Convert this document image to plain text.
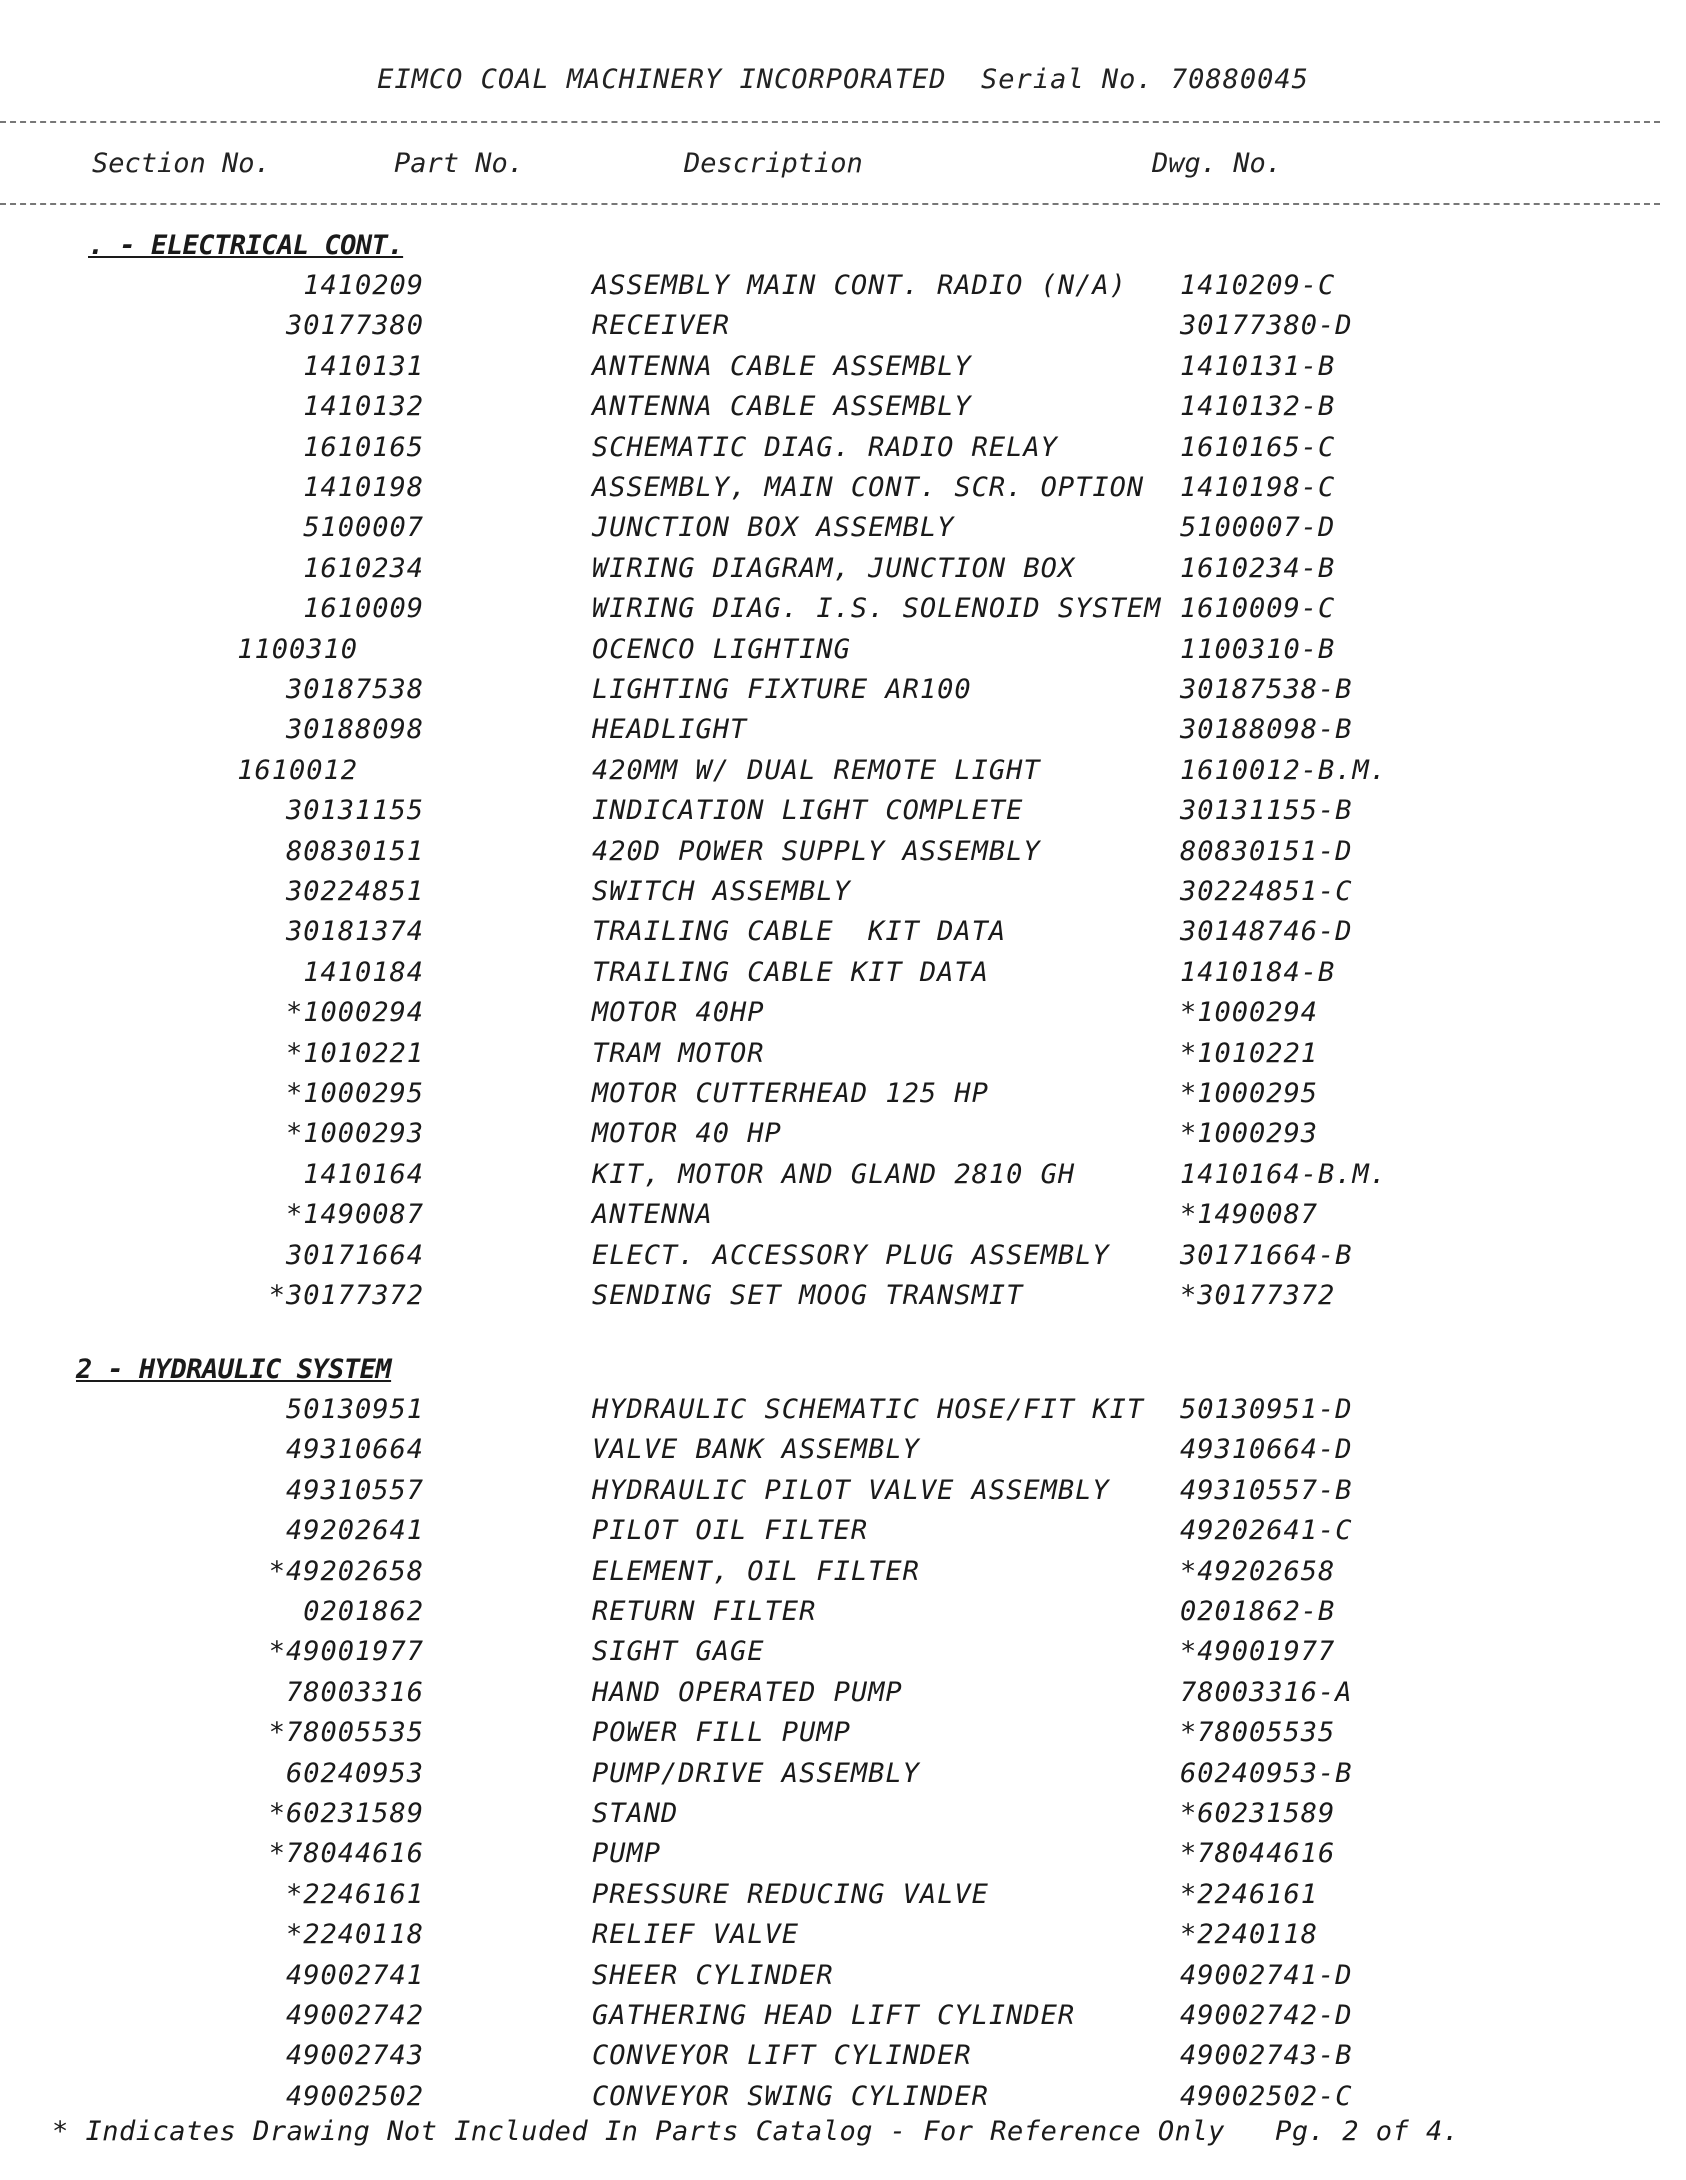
EIMCO COAL MACHINERY INCORPORATED Serial No. 70880045
Section No.	Part No.	Description	Dwg. No.
. - ELECTRICAL CONT.
1410209	ASSEMBLY MAIN CONT. RADIO (N/A) 1410209-C
30177380	RECEIVER	30177380-D
1410131	ANTENNA CABLE ASSEMBLY	1410131-B
1410132	ANTENNA CABLE ASSEMBLY	1410132-B
1610165	SCHEMATIC DIAG. RADIO RELAY	1610165-C
1410198	ASSEMBLY, MAIN CONT. SCR. OPTION 1410198-C
5100007	JUNCTION BOX ASSEMBLY	5100007-D
1610234	WIRING DIAGRAM, JUNCTION BOX	1610234-B
1610009	WIRING DIAG. I.S. SOLENOID SYSTEM 1610009-C
1100310	OCENCO LIGHTING	1100310-B
30187538	LIGHTING FIXTURE AR100	30187538-B
30188098	HEADLIGHT	30188098-B
1610012	420MM W/ DUAL REMOTE LIGHT	1610012-B.M.
30131155	INDICATION LIGHT COMPLETE	30131155-B
80830151	420D POWER SUPPLY ASSEMBLY	80830151-D
30224851	SWITCH ASSEMBLY	30224851-C
30181374	TRAILING CABLE  KIT DATA	30148746-D
1410184	TRAILING CABLE KIT DATA	1410184-B
*1000294	MOTOR 40HP	*1000294
*1010221	TRAM MOTOR	*1010221
*1000295	MOTOR CUTTERHEAD 125 HP	*1000295
*1000293	MOTOR 40 HP	*1000293
1410164	KIT, MOTOR AND GLAND 2810 GH	1410164-B.M.
*1490087	ANTENNA	*1490087
30171664	ELECT. ACCESSORY PLUG ASSEMBLY	30171664-B
*30177372	SENDING SET MOOG TRANSMIT	*30177372
2 - HYDRAULIC SYSTEM
50130951	HYDRAULIC SCHEMATIC HOSE/FIT KIT 50130951-D
49310664	VALVE BANK ASSEMBLY	49310664-D
49310557	HYDRAULIC PILOT VALVE ASSEMBLY	49310557-B
49202641	PILOT OIL FILTER	49202641-C
*49202658	ELEMENT, OIL FILTER	*49202658
0201862	RETURN FILTER	0201862-B
*49001977	SIGHT GAGE	*49001977
78003316	HAND OPERATED PUMP	78003316-A
*78005535	POWER FILL PUMP	*78005535
60240953	PUMP/DRIVE ASSEMBLY	60240953-B
*60231589	STAND	*60231589
*78044616	PUMP	*78044616
*2246161	PRESSURE REDUCING VALVE	*2246161
*2240118	RELIEF VALVE	*2240118
49002741	SHEER CYLINDER	49002741-D
49002742	GATHERING HEAD LIFT CYLINDER	49002742-D
49002743	CONVEYOR LIFT CYLINDER	49002743-B
49002502	CONVEYOR SWING CYLINDER	49002502-C
* Indicates Drawing Not Included In Parts Catalog - For Reference Only Pg. 2 of 4.
